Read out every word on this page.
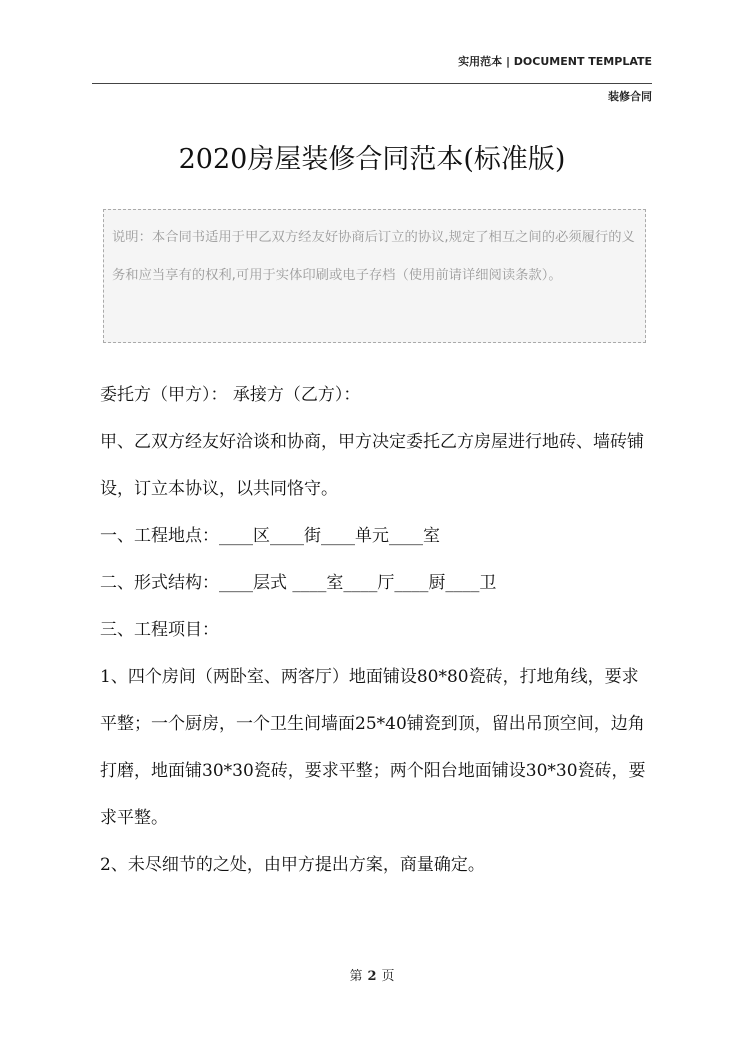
实用范本 | DOCUMENT TEMPLATE
装修合同
2020房屋装修合同范本(标准版)
说明：本合同书适用于甲乙双方经友好协商后订立的协议,规定了相互之间的必须履行的义务和应当享有的权利,可用于实体印刷或电子存档（使用前请详细阅读条款）。

委托方（甲方）： 承接方（乙方）：

甲、乙双方经友好洽谈和协商，甲方决定委托乙方房屋进行地砖、墙砖铺设，订立本协议，以共同恪守。

一、工程地点：____区____街____单元____室

二、形式结构：____层式 ____室____厅____厨____卫

三、工程项目：

1、四个房间（两卧室、两客厅）地面铺设80*80瓷砖，打地角线，要求平整；一个厨房，一个卫生间墙面25*40铺瓷到顶，留出吊顶空间，边角打磨，地面铺30*30瓷砖，要求平整；两个阳台地面铺设30*30瓷砖，要求平整。

2、未尽细节的之处，由甲方提出方案，商量确定。

第 2 页
